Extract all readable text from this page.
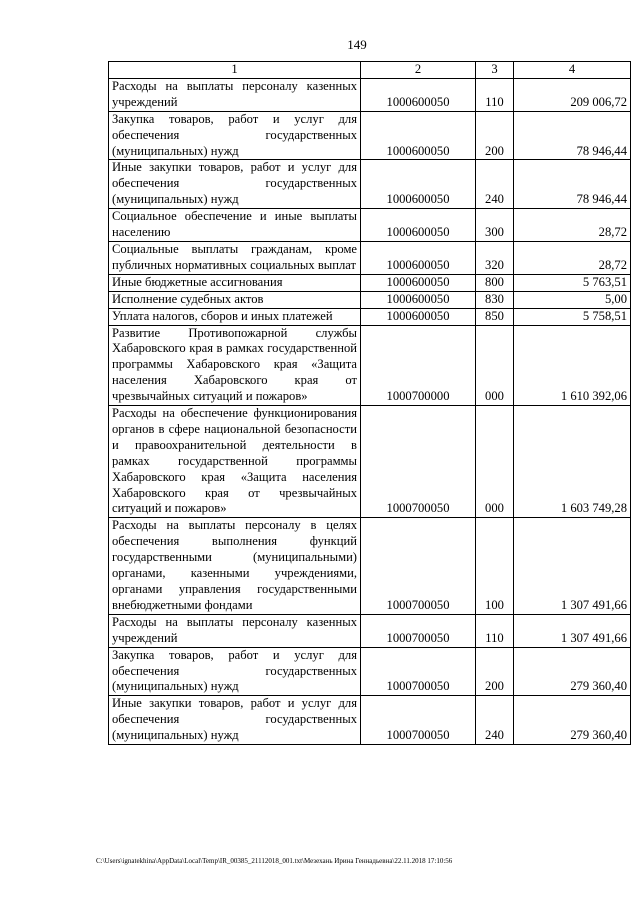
149
1	2	3	4
Расходы на выплаты персоналу казенных учреждений	1000600050	110	209 006,72
Закупка товаров, работ и услуг для обеспечения государственных (муниципальных) нужд	1000600050	200	78 946,44
Иные закупки товаров, работ и услуг для обеспечения государственных (муниципальных) нужд	1000600050	240	78 946,44
Социальное обеспечение и иные выплаты населению	1000600050	300	28,72
Социальные выплаты гражданам, кроме публичных нормативных социальных выплат	1000600050	320	28,72
Иные бюджетные ассигнования	1000600050	800	5 763,51
Исполнение судебных актов	1000600050	830	5,00
Уплата налогов, сборов и иных платежей	1000600050	850	5 758,51
Развитие Противопожарной службы Хабаровского края в рамках государственной программы Хабаровского края «Защита населения Хабаровского края от чрезвычайных ситуаций и пожаров»	1000700000	000	1 610 392,06
Расходы на обеспечение функционирования органов в сфере национальной безопасности и правоохранительной деятельности в рамках государственной программы Хабаровского края «Защита населения Хабаровского края от чрезвычайных ситуаций и пожаров»	1000700050	000	1 603 749,28
Расходы на выплаты персоналу в целях обеспечения выполнения функций государственными (муниципальными) органами, казенными учреждениями, органами управления государственными внебюджетными фондами	1000700050	100	1 307 491,66
Расходы на выплаты персоналу казенных учреждений	1000700050	110	1 307 491,66
Закупка товаров, работ и услуг для обеспечения государственных (муниципальных) нужд	1000700050	200	279 360,40
Иные закупки товаров, работ и услуг для обеспечения государственных (муниципальных) нужд	1000700050	240	279 360,40
C:\Users\ignatekhina\AppData\Local\Temp\IR_00385_21112018_001.txt\Мезехань Ирина Геннадьевна\22.11.2018 17:10:56
